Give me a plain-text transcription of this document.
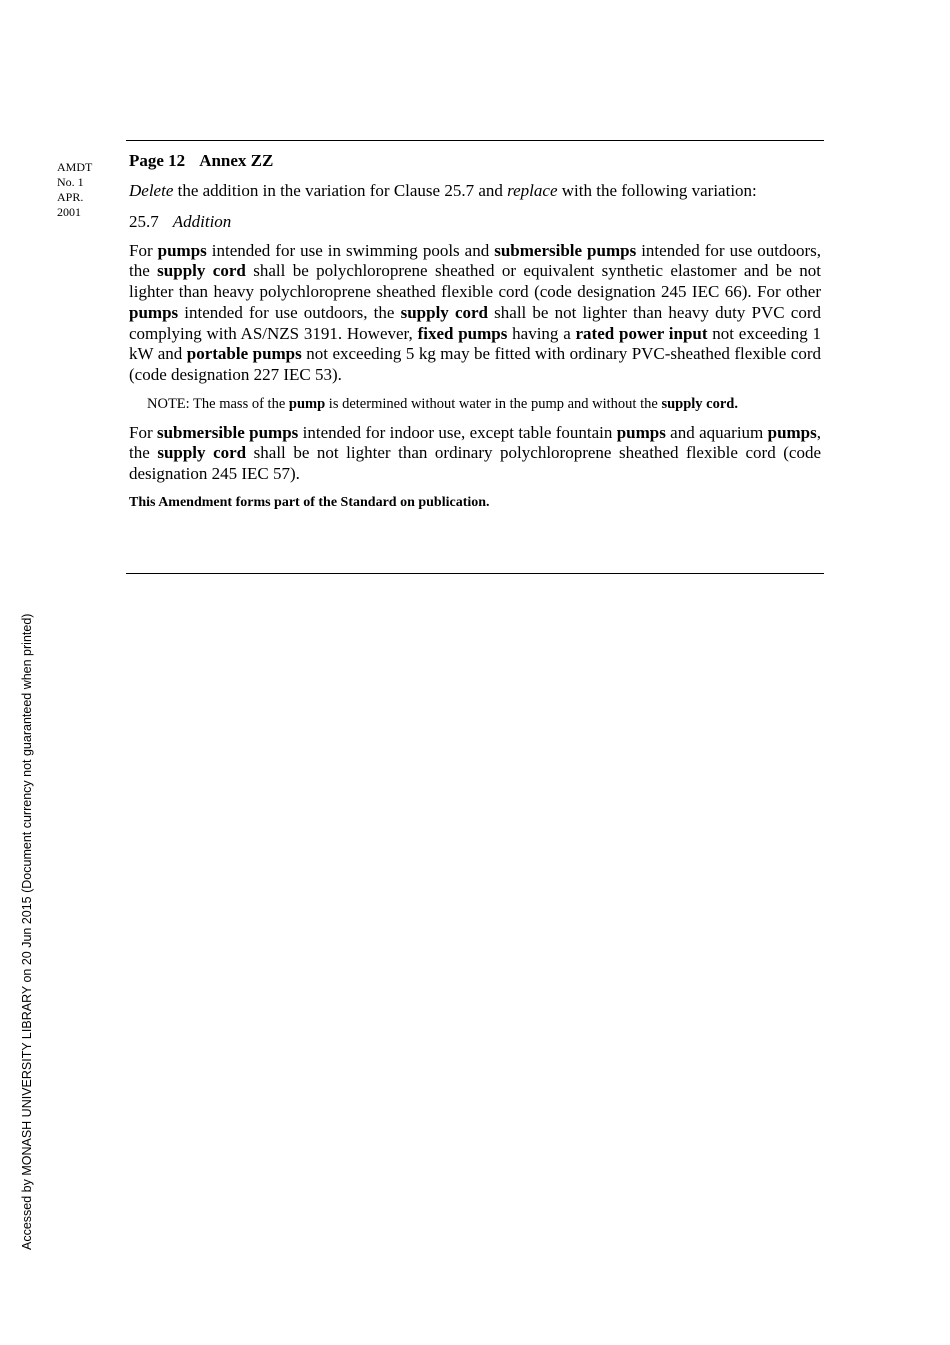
AMDT
No. 1
APR.
2001
Page 12 Annex ZZ

Delete the addition in the variation for Clause 25.7 and replace with the following variation:

25.7 Addition

For pumps intended for use in swimming pools and submersible pumps intended for use outdoors, the supply cord shall be polychloroprene sheathed or equivalent synthetic elastomer and be not lighter than heavy polychloroprene sheathed flexible cord (code designation 245 IEC 66). For other pumps intended for use outdoors, the supply cord shall be not lighter than heavy duty PVC cord complying with AS/NZS 3191. However, fixed pumps having a rated power input not exceeding 1 kW and portable pumps not exceeding 5 kg may be fitted with ordinary PVC-sheathed flexible cord (code designation 227 IEC 53).

NOTE: The mass of the pump is determined without water in the pump and without the supply cord.

For submersible pumps intended for indoor use, except table fountain pumps and aquarium pumps, the supply cord shall be not lighter than ordinary polychloroprene sheathed flexible cord (code designation 245 IEC 57).

This Amendment forms part of the Standard on publication.

Accessed by MONASH UNIVERSITY LIBRARY on 20 Jun 2015 (Document currency not guaranteed when printed)
